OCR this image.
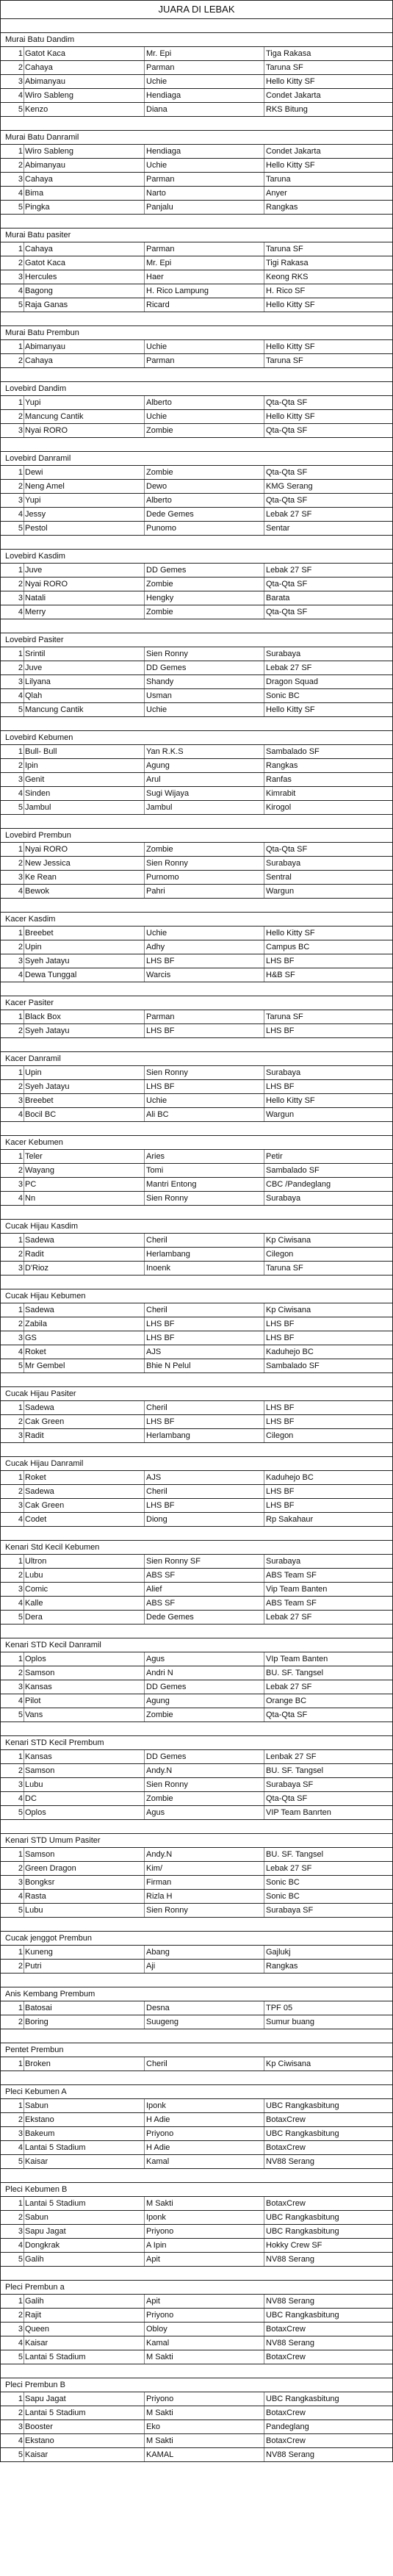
JUARA DI LEBAK
Murai Batu Dandim
1 Gatot Kaca	Mr. Epi	Tiga Rakasa
2 Cahaya	Parman	Taruna SF
3 Abimanyau	Uchie	Hello Kitty SF
4 Wiro Sableng	Hendiaga	Condet Jakarta
5 Kenzo	Diana	RKS Bitung
Murai Batu Danramil
1 Wiro Sableng	Hendiaga	Condet Jakarta
2 Abimanyau	Uchie	Hello Kitty SF
3 Cahaya	Parman	Taruna
4 Bima	Narto	Anyer
5 Pingka	Panjalu	Rangkas
Murai Batu pasiter
1 Cahaya	Parman	Taruna SF
2 Gatot Kaca	Mr. Epi	Tigi Rakasa
3 Hercules	Haer	Keong RKS
4 Bagong	H. Rico Lampung	H. Rico SF
5 Raja Ganas	Ricard	Hello Kitty SF
Murai Batu Prembun
1 Abimanyau	Uchie	Hello Kitty SF
2 Cahaya	Parman	Taruna SF
Lovebird Dandim
1 Yupi	Alberto	Qta-Qta SF
2 Mancung Cantik	Uchie	Hello Kitty SF
3 Nyai RORO	Zombie	Qta-Qta SF
Lovebird Danramil
1 Dewi	Zombie	Qta-Qta SF
2 Neng Amel	Dewo	KMG Serang
3 Yupi	Alberto	Qta-Qta SF
4 Jessy	Dede Gemes	Lebak 27 SF
5 Pestol	Punomo	Sentar
Lovebird Kasdim
1 Juve	DD Gemes	Lebak 27 SF
2 Nyai RORO	Zombie	Qta-Qta SF
3 Natali	Hengky	Barata
4 Merry	Zombie	Qta-Qta SF
Lovebird Pasiter
1 Srintil	Sien Ronny	Surabaya
2 Juve	DD Gemes	Lebak 27 SF
3 Lilyana	Shandy	Dragon Squad
4 Qlah	Usman	Sonic BC
5 Mancung Cantik	Uchie	Hello Kitty SF
Lovebird Kebumen
1 Bull- Bull	Yan R.K.S	Sambalado SF
2 Ipin	Agung	Rangkas
3 Genit	Arul	Ranfas
4 Sinden	Sugi Wijaya	Kimrabit
5 Jambul	Jambul	Kirogol
Lovebird Prembun
1 Nyai RORO	Zombie	Qta-Qta SF
2 New Jessica	Sien Ronny	Surabaya
3 Ke Rean	Purnomo	Sentral
4 Bewok	Pahri	Wargun
Kacer Kasdim
1 Breebet	Uchie	Hello Kitty SF
2 Upin	Adhy	Campus BC
3 Syeh Jatayu	LHS BF	LHS BF
4 Dewa Tunggal	Warcis	H&B SF
Kacer Pasiter
1 Black Box	Parman	Taruna SF
2 Syeh Jatayu	LHS BF	LHS BF
Kacer Danramil
1 Upin	Sien Ronny	Surabaya
2 Syeh Jatayu	LHS BF	LHS BF
3 Breebet	Uchie	Hello Kitty SF
4 Bocil BC	Ali BC	Wargun
Kacer Kebumen
1 Teler	Aries	Petir
2 Wayang	Tomi	Sambalado SF
3 PC	Mantri Entong	CBC /Pandeglang
4 Nn	Sien Ronny	Surabaya
Cucak Hijau Kasdim
1 Sadewa	Cheril	Kp Ciwisana
2 Radit	Herlambang	Cilegon
3 D'Rioz	Inoenk	Taruna SF
Cucak Hijau Kebumen
1 Sadewa	Cheril	Kp Ciwisana
2 Zabila	LHS BF	LHS BF
3 GS	LHS BF	LHS BF
4 Roket	AJS	Kaduhejo BC
5 Mr Gembel	Bhie N Pelul	Sambalado SF
Cucak Hijau Pasiter
1 Sadewa	Cheril	LHS BF
2 Cak Green	LHS BF	LHS BF
3 Radit	Herlambang	Cilegon
Cucak Hijau Danramil
1 Roket	AJS	Kaduhejo BC
2 Sadewa	Cheril	LHS BF
3 Cak Green	LHS BF	LHS BF
4 Codet	Diong	Rp Sakahaur
Kenari Std Kecil Kebumen
1 Ultron	Sien Ronny SF	Surabaya
2 Lubu	ABS SF	ABS Team SF
3 Comic	Alief	Vip Team Banten
4 Kalle	ABS SF	ABS Team SF
5 Dera	Dede Gemes	Lebak 27 SF
Kenari STD Kecil Danramil
1 Oplos	Agus	VIp Team Banten
2 Samson	Andri N	BU. SF. Tangsel
3 Kansas	DD Gemes	Lebak 27 SF
4 Pilot	Agung	Orange BC
5 Vans	Zombie	Qta-Qta SF
Kenari STD Kecil Prembum
1 Kansas	DD Gemes	Lenbak 27 SF
2 Samson	Andy.N	BU. SF. Tangsel
3 Lubu	Sien Ronny	Surabaya SF
4 DC	Zombie	Qta-Qta SF
5 Oplos	Agus	VIP Team Banrten
Kenari STD Umum Pasiter
1 Samson	Andy.N	BU. SF. Tangsel
2 Green Dragon	Kim/	Lebak 27 SF
3 Bongksr	Firman	Sonic BC
4 Rasta	Rizla H	Sonic BC
5 Lubu	Sien Ronny	Surabaya SF
Cucak jenggot Prembun
1 Kuneng	Abang	Gajlukj
2 Putri	Aji	Rangkas
Anis Kembang Prembum
1 Batosai	Desna	TPF 05
2 Boring	Suugeng	Sumur buang
Pentet Prembun
1 Broken	Cheril	Kp Ciwisana
Pleci Kebumen A
1 Sabun	Iponk	UBC Rangkasbitung
2 Ekstano	H Adie	BotaxCrew
3 Bakeum	Priyono	UBC Rangkasbitung
4 Lantai 5 Stadium	H Adie	BotaxCrew
5 Kaisar	Kamal	NV88 Serang
Pleci Kebumen B
1 Lantai 5 Stadium	M Sakti	BotaxCrew
2 Sabun	Iponk	UBC Rangkasbitung
3 Sapu Jagat	Priyono	UBC Rangkasbitung
4 Dongkrak	A Ipin	Hokky Crew SF
5 Galih	Apit	NV88 Serang
Pleci Prembun a
1 Galih	Apit	NV88 Serang
2 Rajit	Priyono	UBC Rangkasbitung
3 Queen	Obloy	BotaxCrew
4 Kaisar	Kamal	NV88 Serang
5 Lantai 5 Stadium	M Sakti	BotaxCrew
Pleci Prembun B
1 Sapu Jagat	Priyono	UBC Rangkasbitung
2 Lantai 5 Stadium	M Sakti	BotaxCrew
3 Booster	Eko	Pandeglang
4 Ekstano	M Sakti	BotaxCrew
5 Kaisar	KAMAL	NV88 Serang
